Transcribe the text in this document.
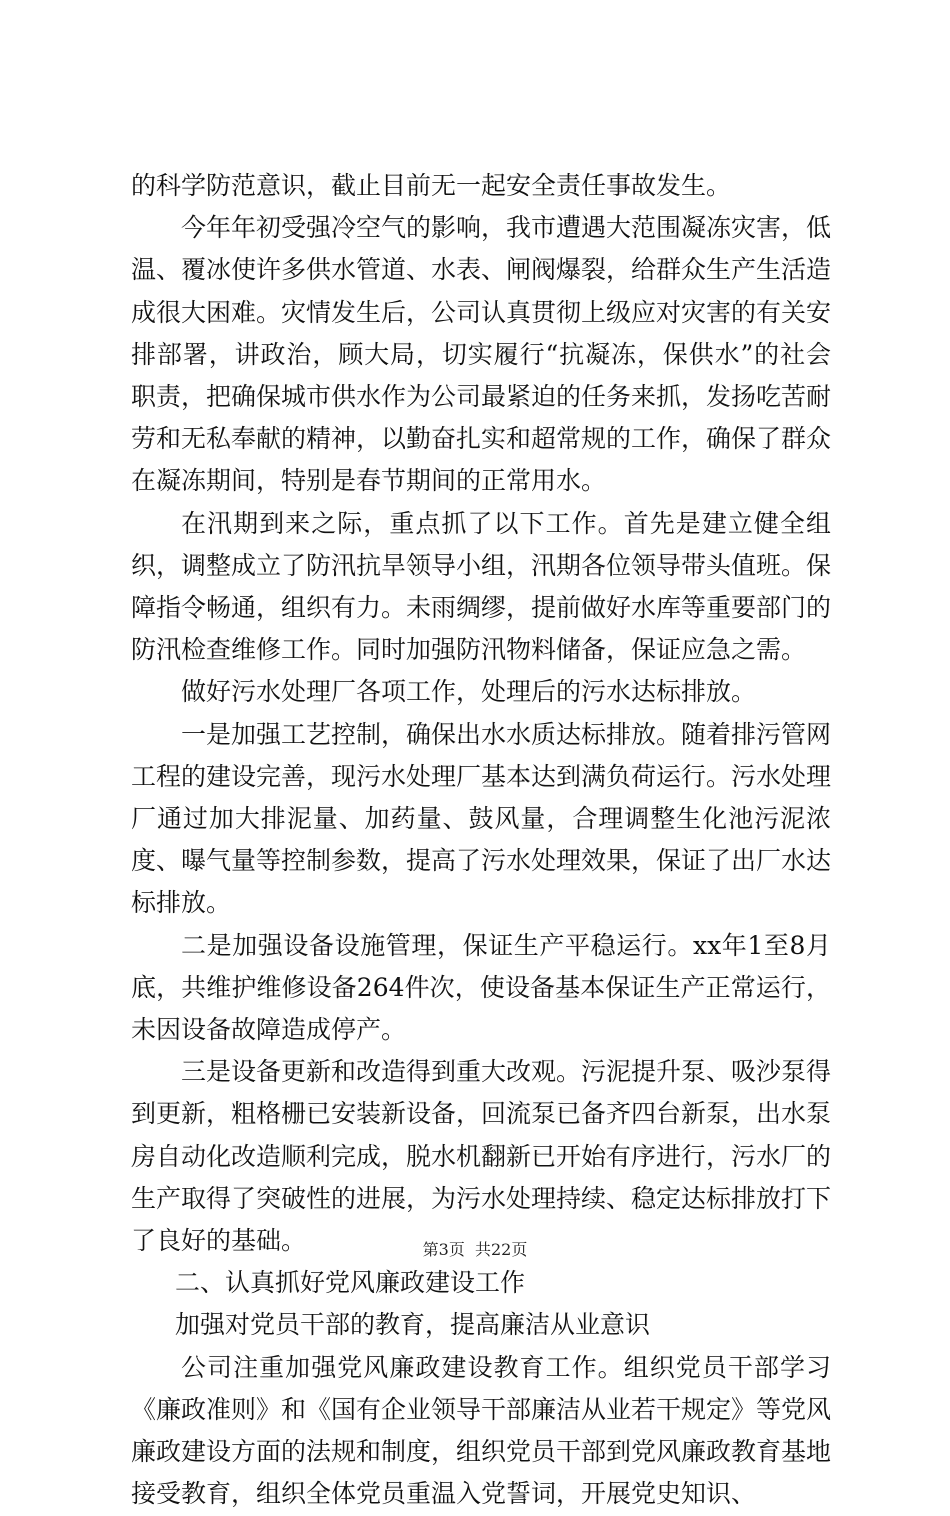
的科学防范意识，截止目前无一起安全责任事故发生。

今年年初受强冷空气的影响，我市遭遇大范围凝冻灾害，低温、覆冰使许多供水管道、水表、闸阀爆裂，给群众生产生活造成很大困难。灾情发生后，公司认真贯彻上级应对灾害的有关安排部署，讲政治，顾大局，切实履行“抗凝冻，保供水”的社会职责，把确保城市供水作为公司最紧迫的任务来抓，发扬吃苦耐劳和无私奉献的精神，以勤奋扎实和超常规的工作，确保了群众在凝冻期间，特别是春节期间的正常用水。

在汛期到来之际，重点抓了以下工作。首先是建立健全组织，调整成立了防汛抗旱领导小组，汛期各位领导带头值班。保障指令畅通，组织有力。未雨绸缪，提前做好水库等重要部门的防汛检查维修工作。同时加强防汛物料储备，保证应急之需。

做好污水处理厂各项工作，处理后的污水达标排放。

一是加强工艺控制，确保出水水质达标排放。随着排污管网工程的建设完善，现污水处理厂基本达到满负荷运行。污水处理厂通过加大排泥量、加药量、鼓风量，合理调整生化池污泥浓度、曝气量等控制参数，提高了污水处理效果，保证了出厂水达标排放。

二是加强设备设施管理，保证生产平稳运行。xx年1至8月底，共维护维修设备264件次，使设备基本保证生产正常运行，未因设备故障造成停产。

三是设备更新和改造得到重大改观。污泥提升泵、吸沙泵得到更新，粗格栅已安装新设备，回流泵已备齐四台新泵，出水泵房自动化改造顺利完成，脱水机翻新已开始有序进行，污水厂的生产取得了突破性的进展，为污水处理持续、稳定达标排放打下了良好的基础。

二、认真抓好党风廉政建设工作

加强对党员干部的教育，提高廉洁从业意识

公司注重加强党风廉政建设教育工作。组织党员干部学习《廉政准则》和《国有企业领导干部廉洁从业若干规定》等党风廉政建设方面的法规和制度，组织党员干部到党风廉政教育基地接受教育，组织全体党员重温入党誓词，开展党史知识、

第3页  共22页
